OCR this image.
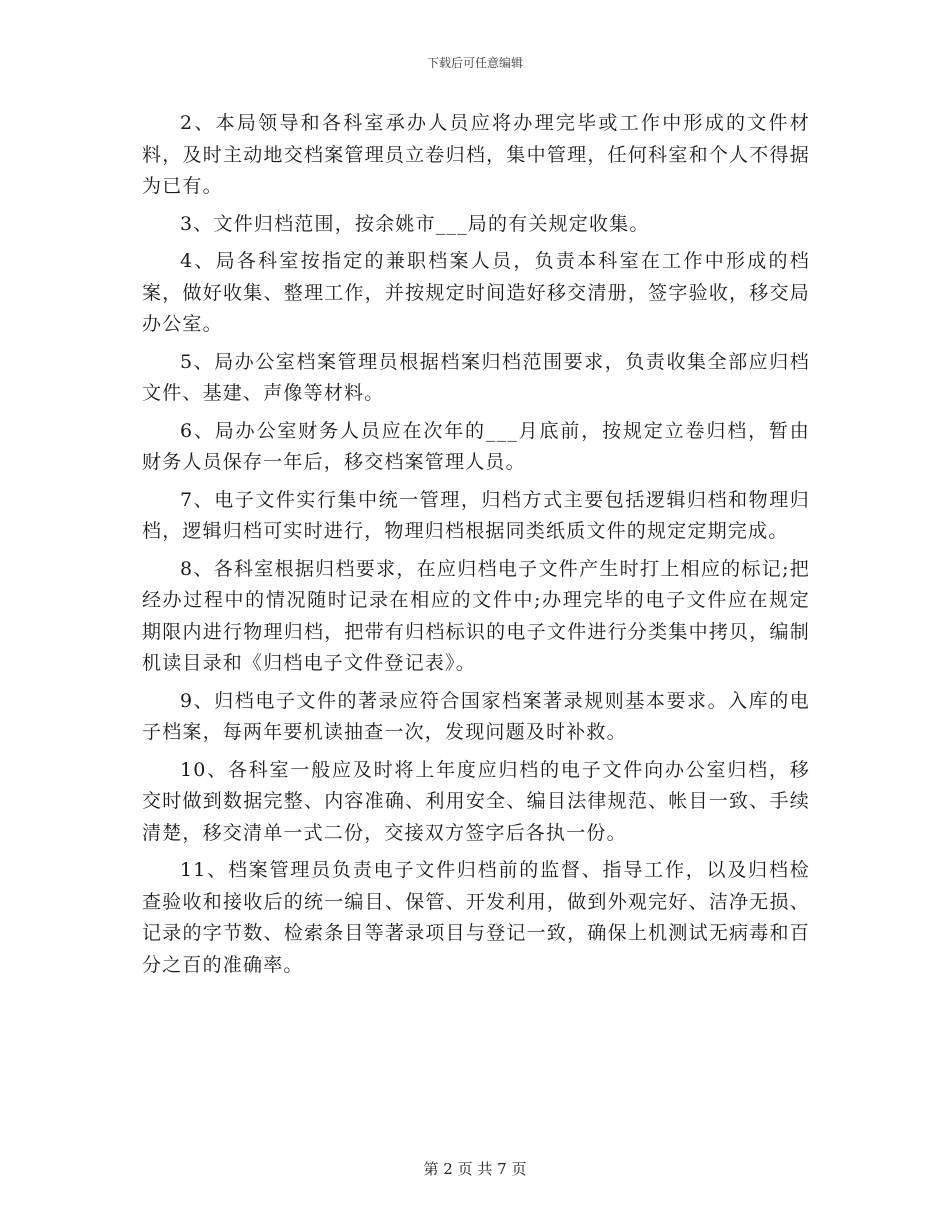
下载后可任意编辑

2、本局领导和各科室承办人员应将办理完毕或工作中形成的文件材料，及时主动地交档案管理员立卷归档，集中管理，任何科室和个人不得据为已有。

3、文件归档范围，按余姚市___局的有关规定收集。

4、局各科室按指定的兼职档案人员，负责本科室在工作中形成的档案，做好收集、整理工作，并按规定时间造好移交清册，签字验收，移交局办公室。

5、局办公室档案管理员根据档案归档范围要求，负责收集全部应归档文件、基建、声像等材料。

6、局办公室财务人员应在次年的___月底前，按规定立卷归档，暂由财务人员保存一年后，移交档案管理人员。

7、电子文件实行集中统一管理，归档方式主要包括逻辑归档和物理归档，逻辑归档可实时进行，物理归档根据同类纸质文件的规定定期完成。

8、各科室根据归档要求，在应归档电子文件产生时打上相应的标记;把经办过程中的情况随时记录在相应的文件中;办理完毕的电子文件应在规定期限内进行物理归档，把带有归档标识的电子文件进行分类集中拷贝，编制机读目录和《归档电子文件登记表》。

9、归档电子文件的著录应符合国家档案著录规则基本要求。入库的电子档案，每两年要机读抽查一次，发现问题及时补救。

10、各科室一般应及时将上年度应归档的电子文件向办公室归档，移交时做到数据完整、内容准确、利用安全、编目法律规范、帐目一致、手续清楚，移交清单一式二份，交接双方签字后各执一份。

11、档案管理员负责电子文件归档前的监督、指导工作，以及归档检查验收和接收后的统一编目、保管、开发利用，做到外观完好、洁净无损、记录的字节数、检索条目等著录项目与登记一致，确保上机测试无病毒和百分之百的准确率。

第 2 页 共 7 页
